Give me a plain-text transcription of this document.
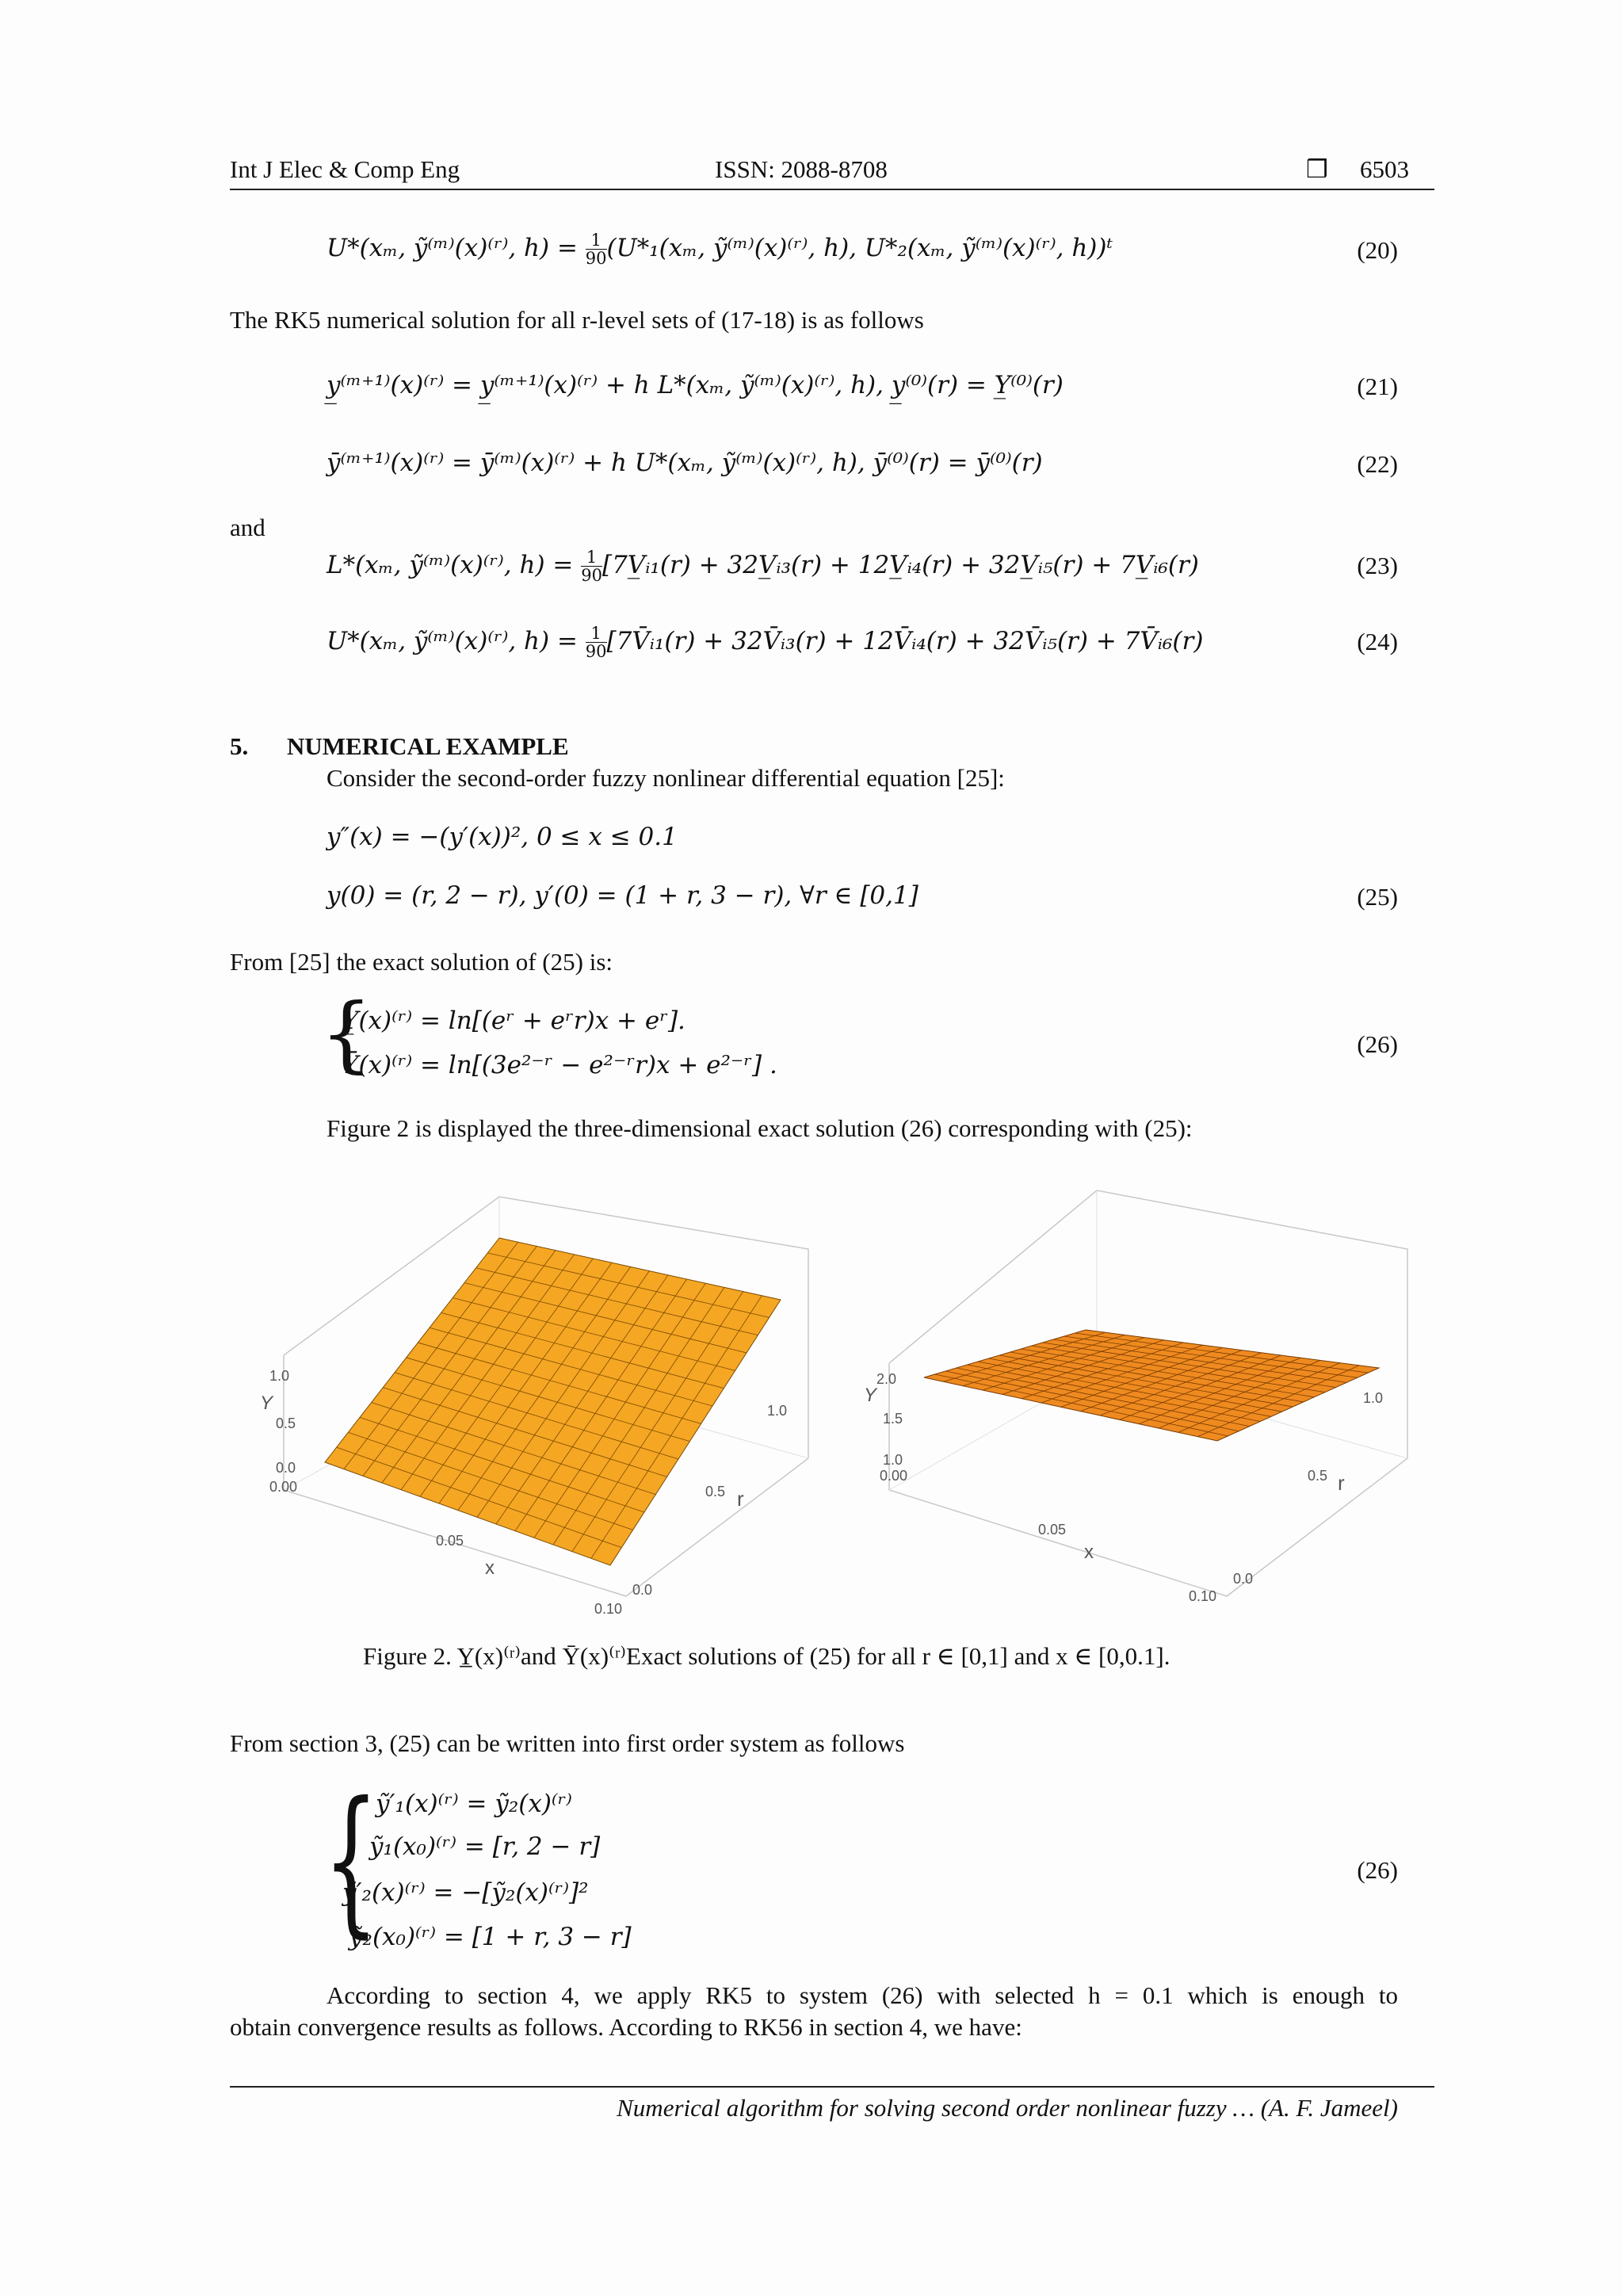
Int J Elec & Comp Eng	ISSN: 2088-8708	❒ 6503
U*(xₘ, ỹ⁽ᵐ⁾(x)⁽ʳ⁾, $h) = \frac{1}{90} (U*_1(x_m$, ỹ⁽ᵐ⁾(x)⁽ʳ⁾, h), U*₂(xₘ, ỹ⁽ᵐ⁾(x)⁽ʳ⁾, h))ᵗ	(20)
The RK5 numerical solution for all r-level sets of (17-18) is as follows
y̲⁽ᵐ⁺¹⁾(x)⁽ʳ⁾ = y̲⁽ᵐ⁺¹⁾(x)⁽ʳ⁾ + h L*(xₘ, ỹ⁽ᵐ⁾(x)⁽ʳ⁾, h), y̲⁽⁰⁾(r) = Y̲⁽⁰⁾(r)	(21)
ȳ⁽ᵐ⁺¹⁾(x)⁽ʳ⁾ = ȳ⁽ᵐ⁾(x)⁽ʳ⁾ + h U*(xₘ, ỹ⁽ᵐ⁾(x)⁽ʳ⁾, h), ȳ⁽⁰⁾(r) = ȳ⁽⁰⁾(r)	(22)
and
L*(xₘ, ỹ⁽ᵐ⁾(x)⁽ʳ⁾, $h) = \frac{1}{90}$ [7V̲ᵢ₁(r) + 32V̲ᵢ₃(r) + 12V̲ᵢ₄(r) + 32V̲ᵢ₅(r) + 7V̲ᵢ₆(r)	(23)
U*(xₘ, ỹ⁽ᵐ⁾(x)⁽ʳ⁾, $h) = \frac{1}{90}$ [7V̄ᵢ₁(r) + 32V̄ᵢ₃(r) + 12V̄ᵢ₄(r) + 32V̄ᵢ₅(r) + 7V̄ᵢ₆(r)	(24)
5. NUMERICAL EXAMPLE
Consider the second-order fuzzy nonlinear differential equation [25]:
y″(x) = −(y′(x))², 0 ≤ x ≤ 0.1
y(0) = (r, 2 − r), y′(0) = (1 + r, 3 − r), ∀r ∈ [0,1]	(25)
From [25] the exact solution of (25) is:
{
Y̲(x)⁽ʳ⁾ = ln[(eʳ + eʳr)x + eʳ].
Ȳ(x)⁽ʳ⁾ = ln[(3e²⁻ʳ − e²⁻ʳr)x + e²⁻ʳ] .
(26)
Figure 2 is displayed the three-dimensional exact solution (26) corresponding with (25):
1.0
0.5
0.0
Y
0.00
0.05
0.10
x
1.0
0.5
0.0
r
2.0
1.5
1.0
Y
0.00
0.05
0.10
x
1.0
0.5
0.0
r
Figure 2. Y̲(x)⁽ʳ⁾and Ȳ(x)⁽ʳ⁾Exact solutions of (25) for all r ∈ [0,1] and x ∈ [0,0.1].
From section 3, (25) can be written into first order system as follows
{
ỹ′₁(x)⁽ʳ⁾ = ỹ₂(x)⁽ʳ⁾
ỹ₁(x₀)⁽ʳ⁾ = [r, 2 − r]
ỹ′₂(x)⁽ʳ⁾ = −[ỹ₂(x)⁽ʳ⁾]²
ỹ₂(x₀)⁽ʳ⁾ = [1 + r, 3 − r]
(26)
According to section 4, we apply RK5 to system (26) with selected h = 0.1 which is enough to
obtain convergence results as follows. According to RK56 in section 4, we have:
Numerical algorithm for solving second order nonlinear fuzzy … (A. F. Jameel)
